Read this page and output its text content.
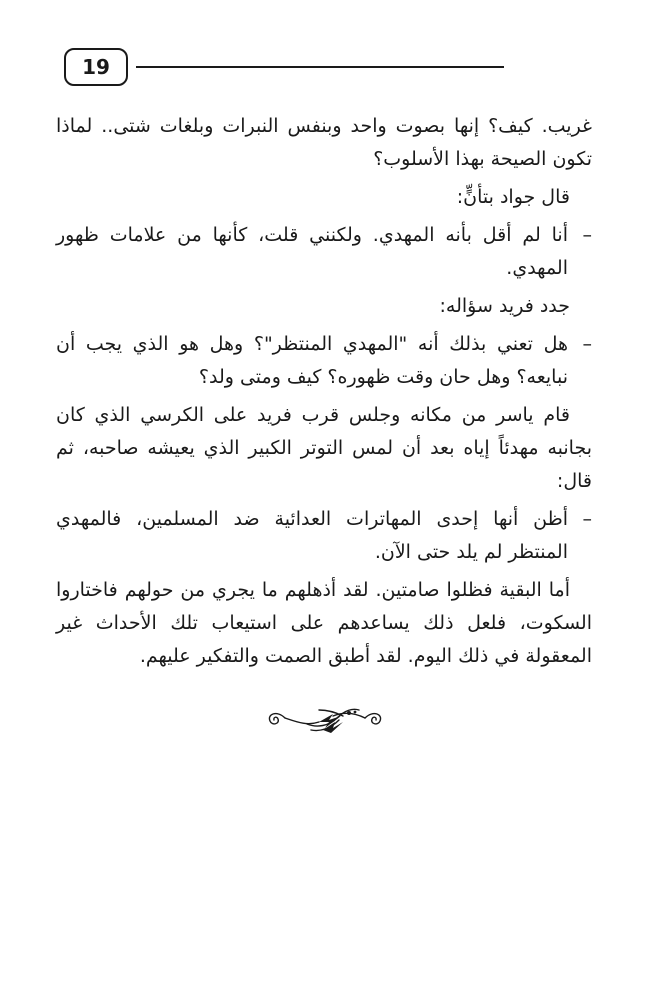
19

غريب. كيف؟ إنها بصوت واحد وبنفس النبرات وبلغات شتى.. لماذا تكون الصيحة بهذا الأسلوب؟

قال جواد بتأنٍّ:

–
أنا لم أقل بأنه المهدي. ولكنني قلت، كأنها من علامات ظهور المهدي.

جدد فريد سؤاله:

–
هل تعني بذلك أنه "المهدي المنتظر"؟ وهل هو الذي يجب أن نبايعه؟ وهل حان وقت ظهوره؟ كيف ومتى ولد؟

قام ياسر من مكانه وجلس قرب فريد على الكرسي الذي كان بجانبه مهدئاً إياه بعد أن لمس التوتر الكبير الذي يعيشه صاحبه، ثم قال:

–
أظن أنها إحدى المهاترات العدائية ضد المسلمين، فالمهدي المنتظر لم يلد حتى الآن.

أما البقية فظلوا صامتين. لقد أذهلهم ما يجري من حولهم فاختاروا السكوت، فلعل ذلك يساعدهم على استيعاب تلك الأحداث غير المعقولة في ذلك اليوم. لقد أطبق الصمت والتفكير عليهم.
